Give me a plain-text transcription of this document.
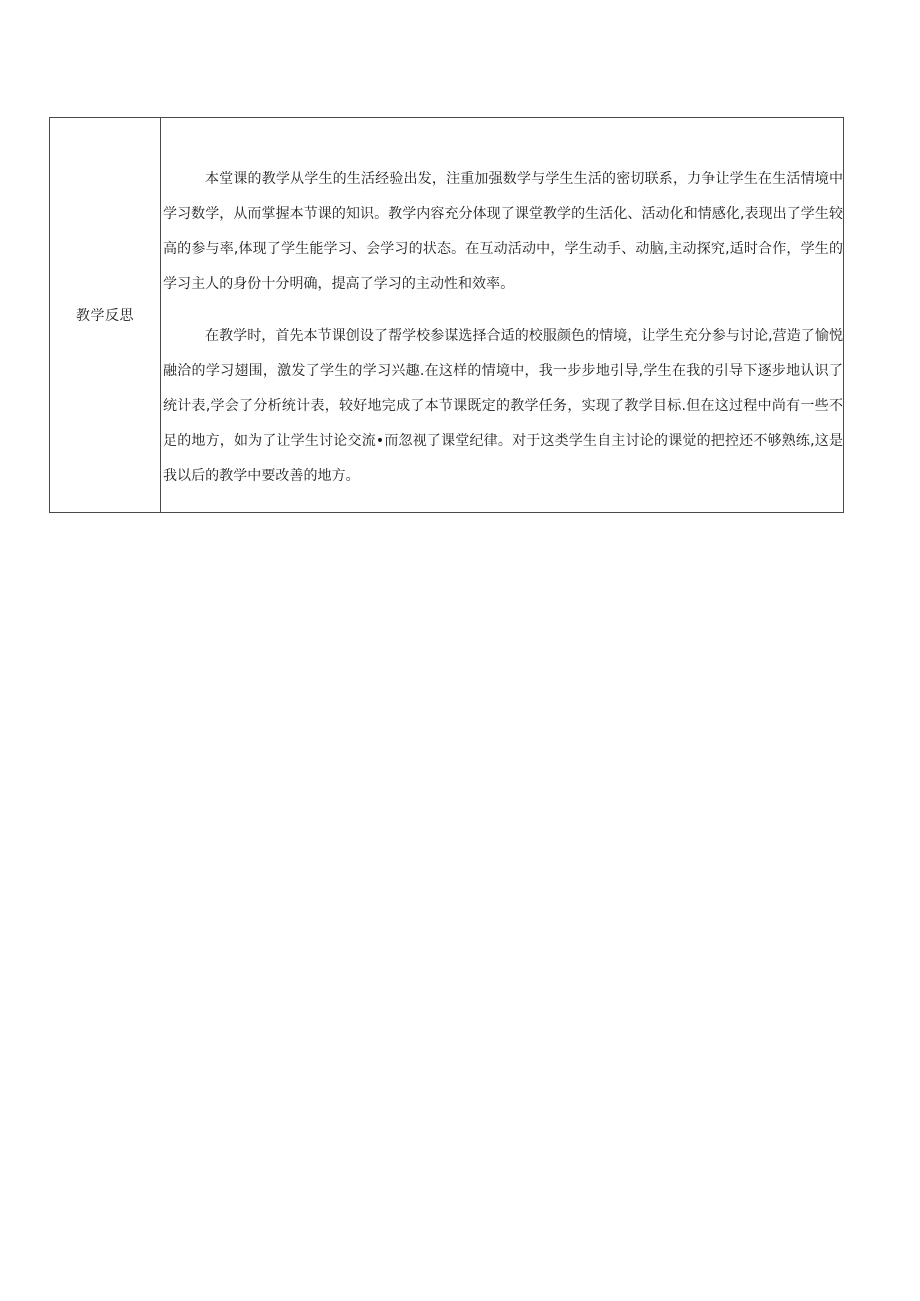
教学反思

本堂课的教学从学生的生活经验出发，注重加强数学与学生生活的密切联系，力争让学生在生活情境中学习数学，从而掌握本节课的知识。教学内容充分体现了课堂教学的生活化、活动化和情感化,表现出了学生较高的参与率,体现了学生能学习、会学习的状态。在互动活动中，学生动手、动脑,主动探究,适时合作，学生的学习主人的身份十分明确，提高了学习的主动性和效率。

在教学时，首先本节课创设了帮学校参谋选择合适的校服颜色的情境，让学生充分参与讨论,营造了愉悦融洽的学习翅围，激发了学生的学习兴趣.在这样的情境中，我一步步地引导,学生在我的引导下逐步地认识了统计表,学会了分析统计表，较好地完成了本节课既定的教学任务，实现了教学目标.但在这过程中尚有一些不足的地方，如为了让学生讨论交流•而忽视了课堂纪律。对于这类学生自主讨论的课觉的把控还不够熟练,这是我以后的教学中要改善的地方。
